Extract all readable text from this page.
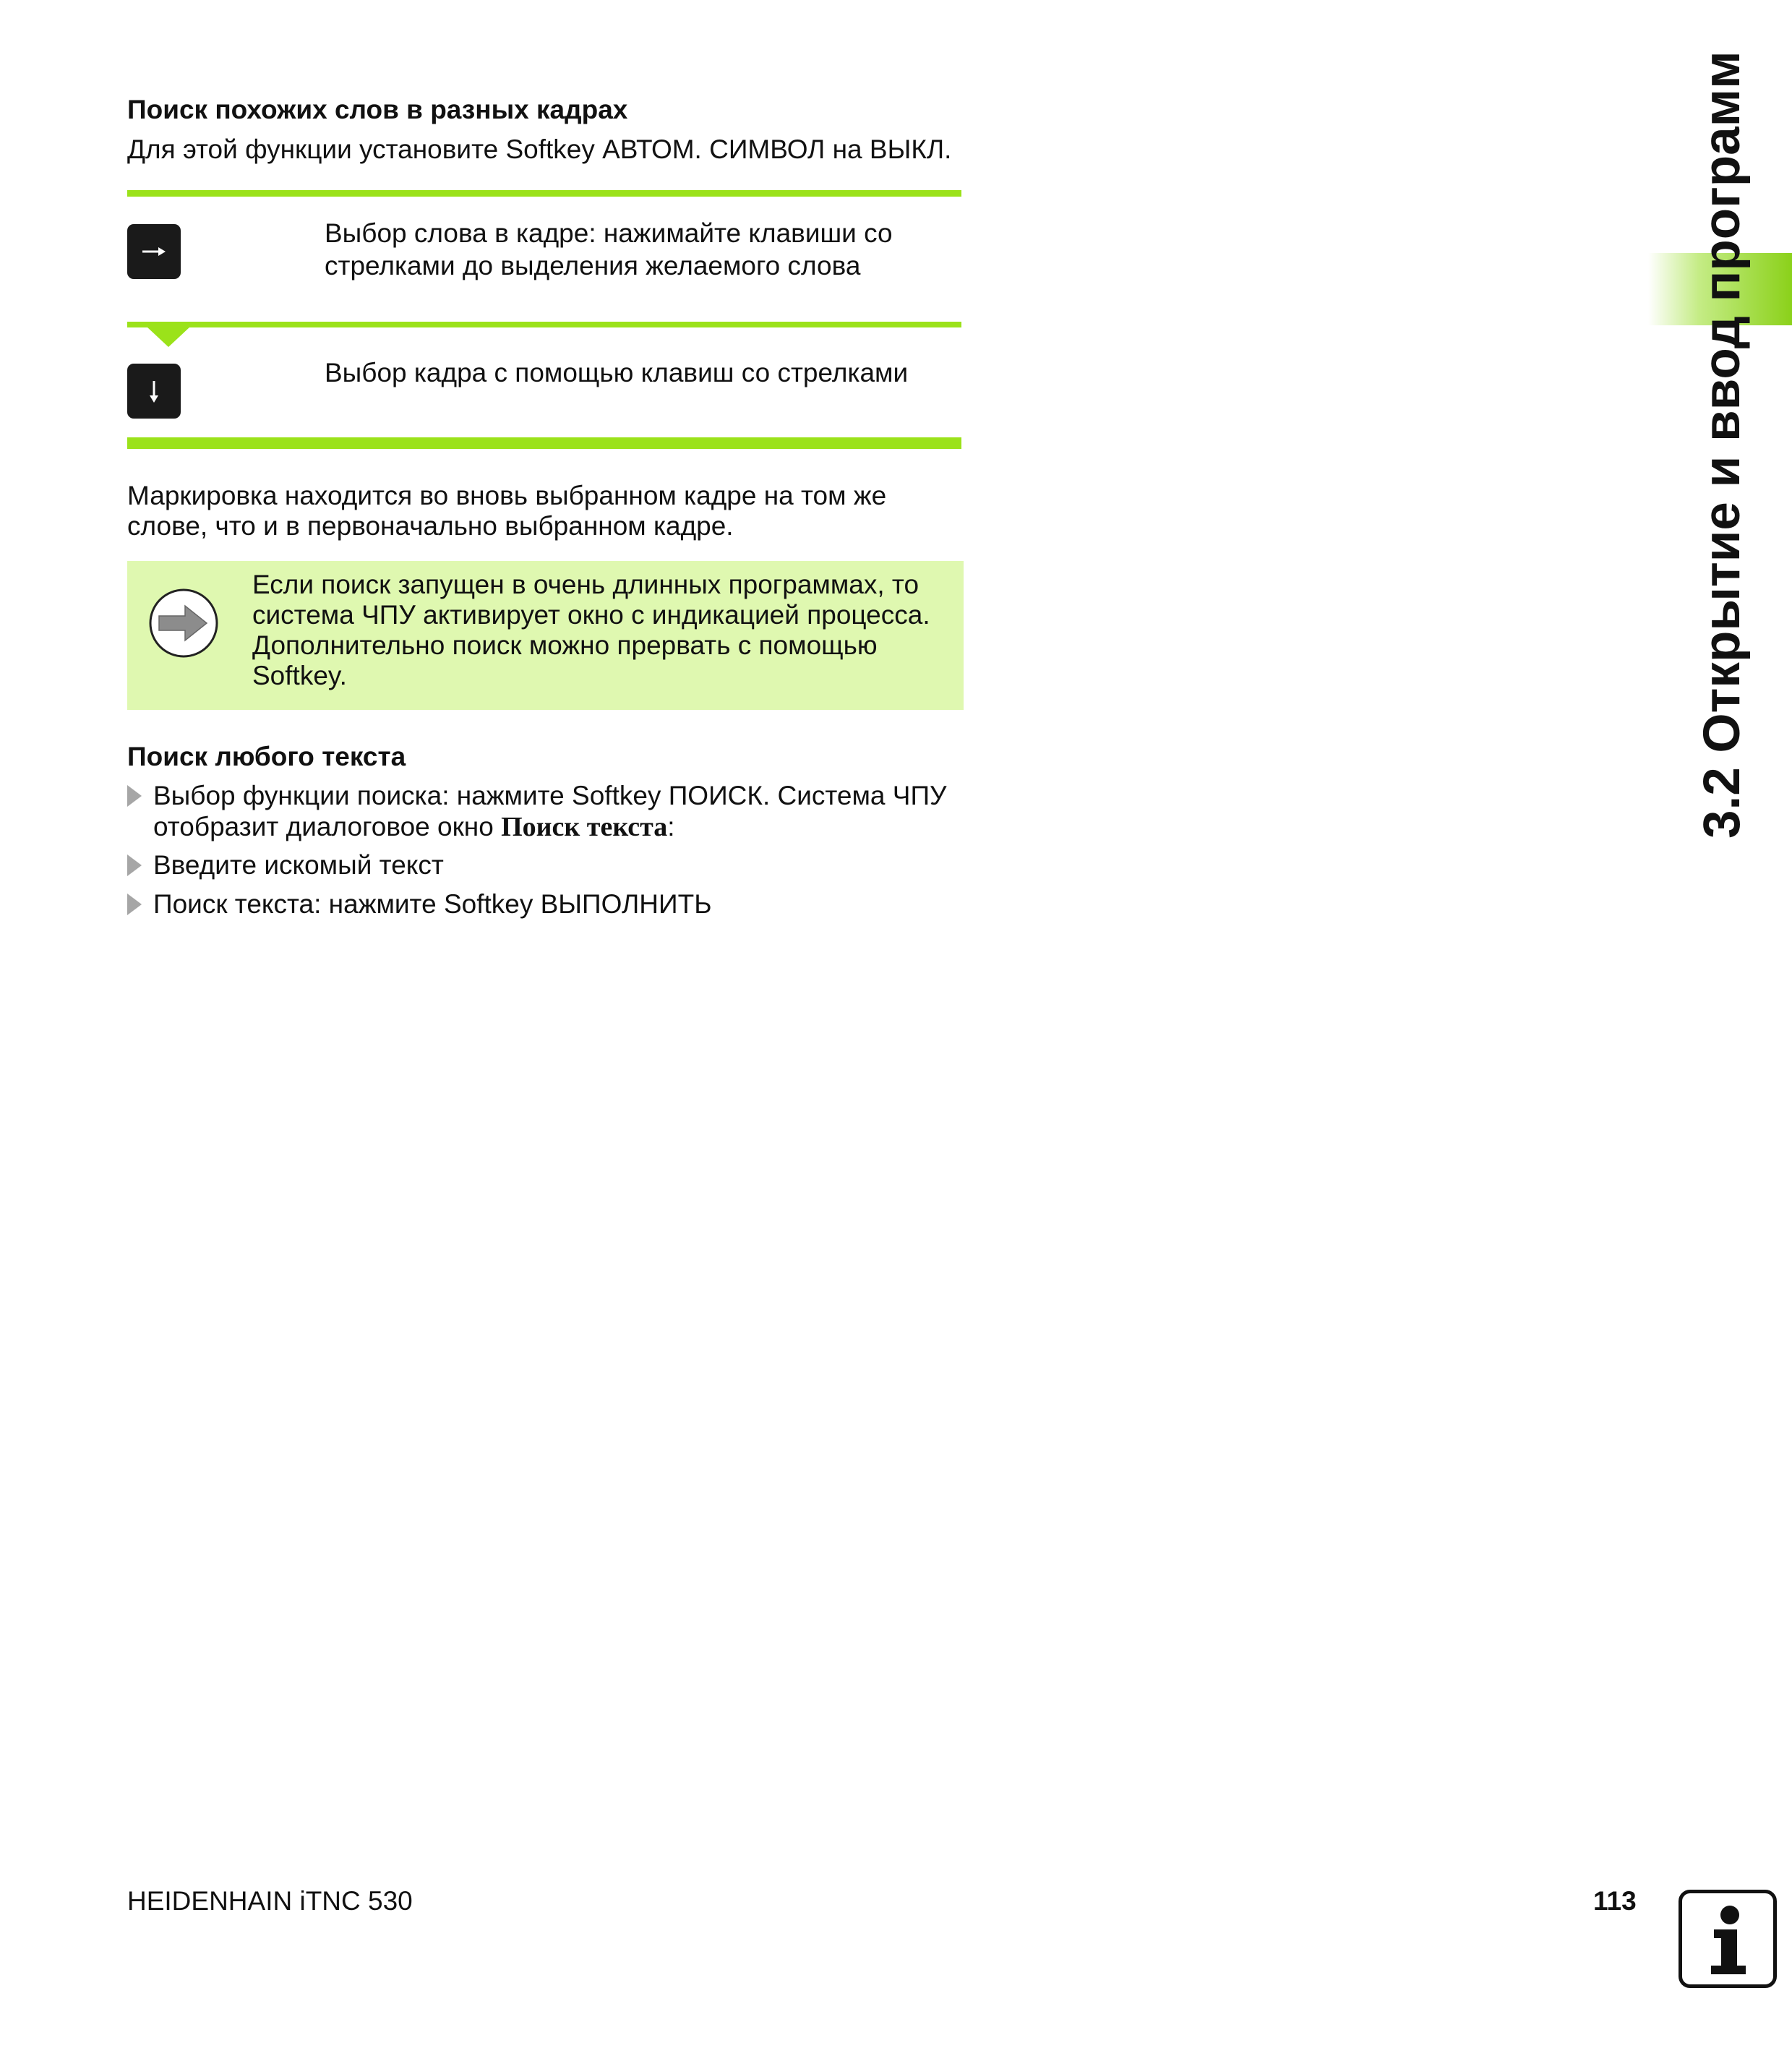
Поиск похожих слов в разных кадрах

Для этой функции установите Softkey АВТОМ. СИМВОЛ на ВЫКЛ.

Выбор слова в кадре: нажимайте клавиши со стрелками до выделения желаемого слова
Выбор кадра с помощью клавиш со стрелками

Маркировка находится во вновь выбранном кадре на том же слове, что и в первоначально выбранном кадре.

Если поиск запущен в очень длинных программах, то система ЧПУ активирует окно с индикацией процесса. Дополнительно поиск можно прервать с помощью Softkey.

Поиск любого текста

Выбор функции поиска: нажмите Softkey ПОИСК. Система ЧПУ отобразит диалоговое окно Поиск текста:
Введите искомый текст
Поиск текста: нажмите Softkey ВЫПОЛНИТЬ
3.2 Открытие и ввод программ
HEIDENHAIN iTNC 530	113
